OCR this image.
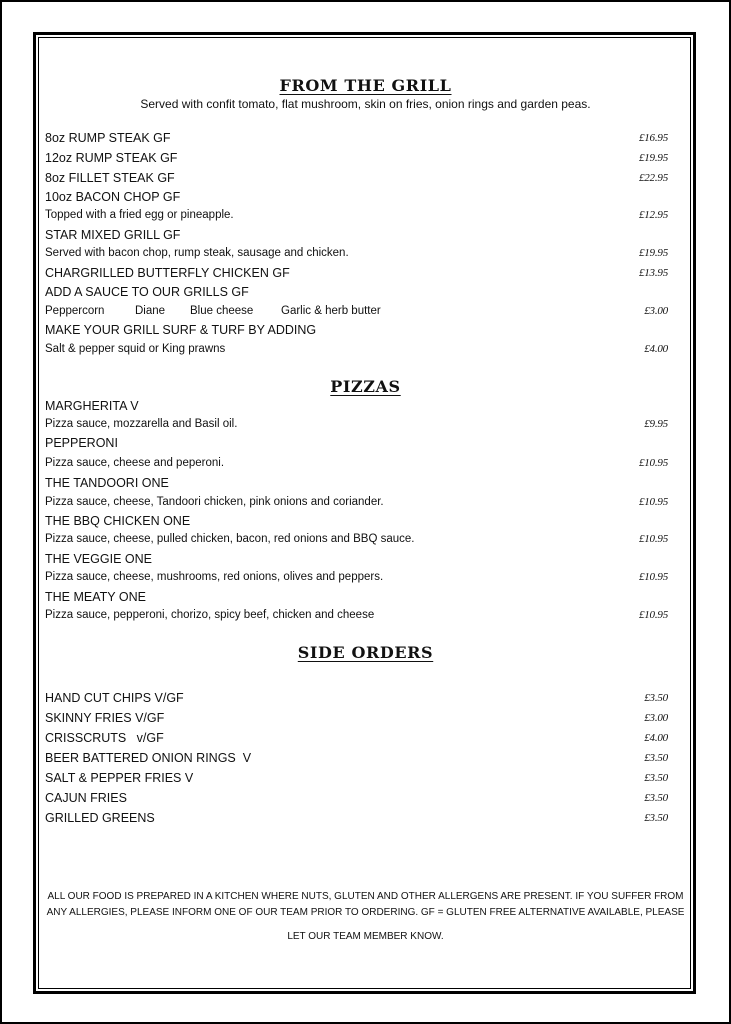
FROM THE GRILL
Served with confit tomato, flat mushroom, skin on fries, onion rings and garden peas.
8oz RUMP STEAK GF	£16.95
12oz RUMP STEAK GF	£19.95
8oz FILLET STEAK GF	£22.95
10oz BACON CHOP GF
Topped with a fried egg or pineapple.	£12.95
STAR MIXED GRILL GF
Served with bacon chop, rump steak, sausage and chicken.	£19.95
CHARGRILLED BUTTERFLY CHICKEN GF	£13.95
ADD A SAUCE TO OUR GRILLS GF
Peppercorn	Diane Blue cheese Garlic & herb butter	£3.00
MAKE YOUR GRILL SURF & TURF BY ADDING
Salt & pepper squid or King prawns	£4.00
PIZZAS
MARGHERITA V
Pizza sauce, mozzarella and Basil oil.	£9.95
PEPPERONI
Pizza sauce, cheese and peperoni.	£10.95
THE TANDOORI ONE
Pizza sauce, cheese, Tandoori chicken, pink onions and coriander.	£10.95
THE BBQ CHICKEN ONE
Pizza sauce, cheese, pulled chicken, bacon, red onions and BBQ sauce.	£10.95
THE VEGGIE ONE
Pizza sauce, cheese, mushrooms, red onions, olives and peppers.	£10.95
THE MEATY ONE
Pizza sauce, pepperoni, chorizo, spicy beef, chicken and cheese	£10.95
SIDE ORDERS
HAND CUT CHIPS V/GF	£3.50
SKINNY FRIES V/GF	£3.00
CRISSCRUTS   v/GF	£4.00
BEER BATTERED ONION RINGS  V	£3.50
SALT & PEPPER FRIES V	£3.50
CAJUN FRIES	£3.50
GRILLED GREENS	£3.50
ALL OUR FOOD IS PREPARED IN A KITCHEN WHERE NUTS, GLUTEN AND OTHER ALLERGENS ARE PRESENT. IF YOU SUFFER FROM ANY ALLERGIES, PLEASE INFORM ONE OF OUR TEAM PRIOR TO ORDERING. GF = GLUTEN FREE ALTERNATIVE AVAILABLE, PLEASE
LET OUR TEAM MEMBER KNOW.
